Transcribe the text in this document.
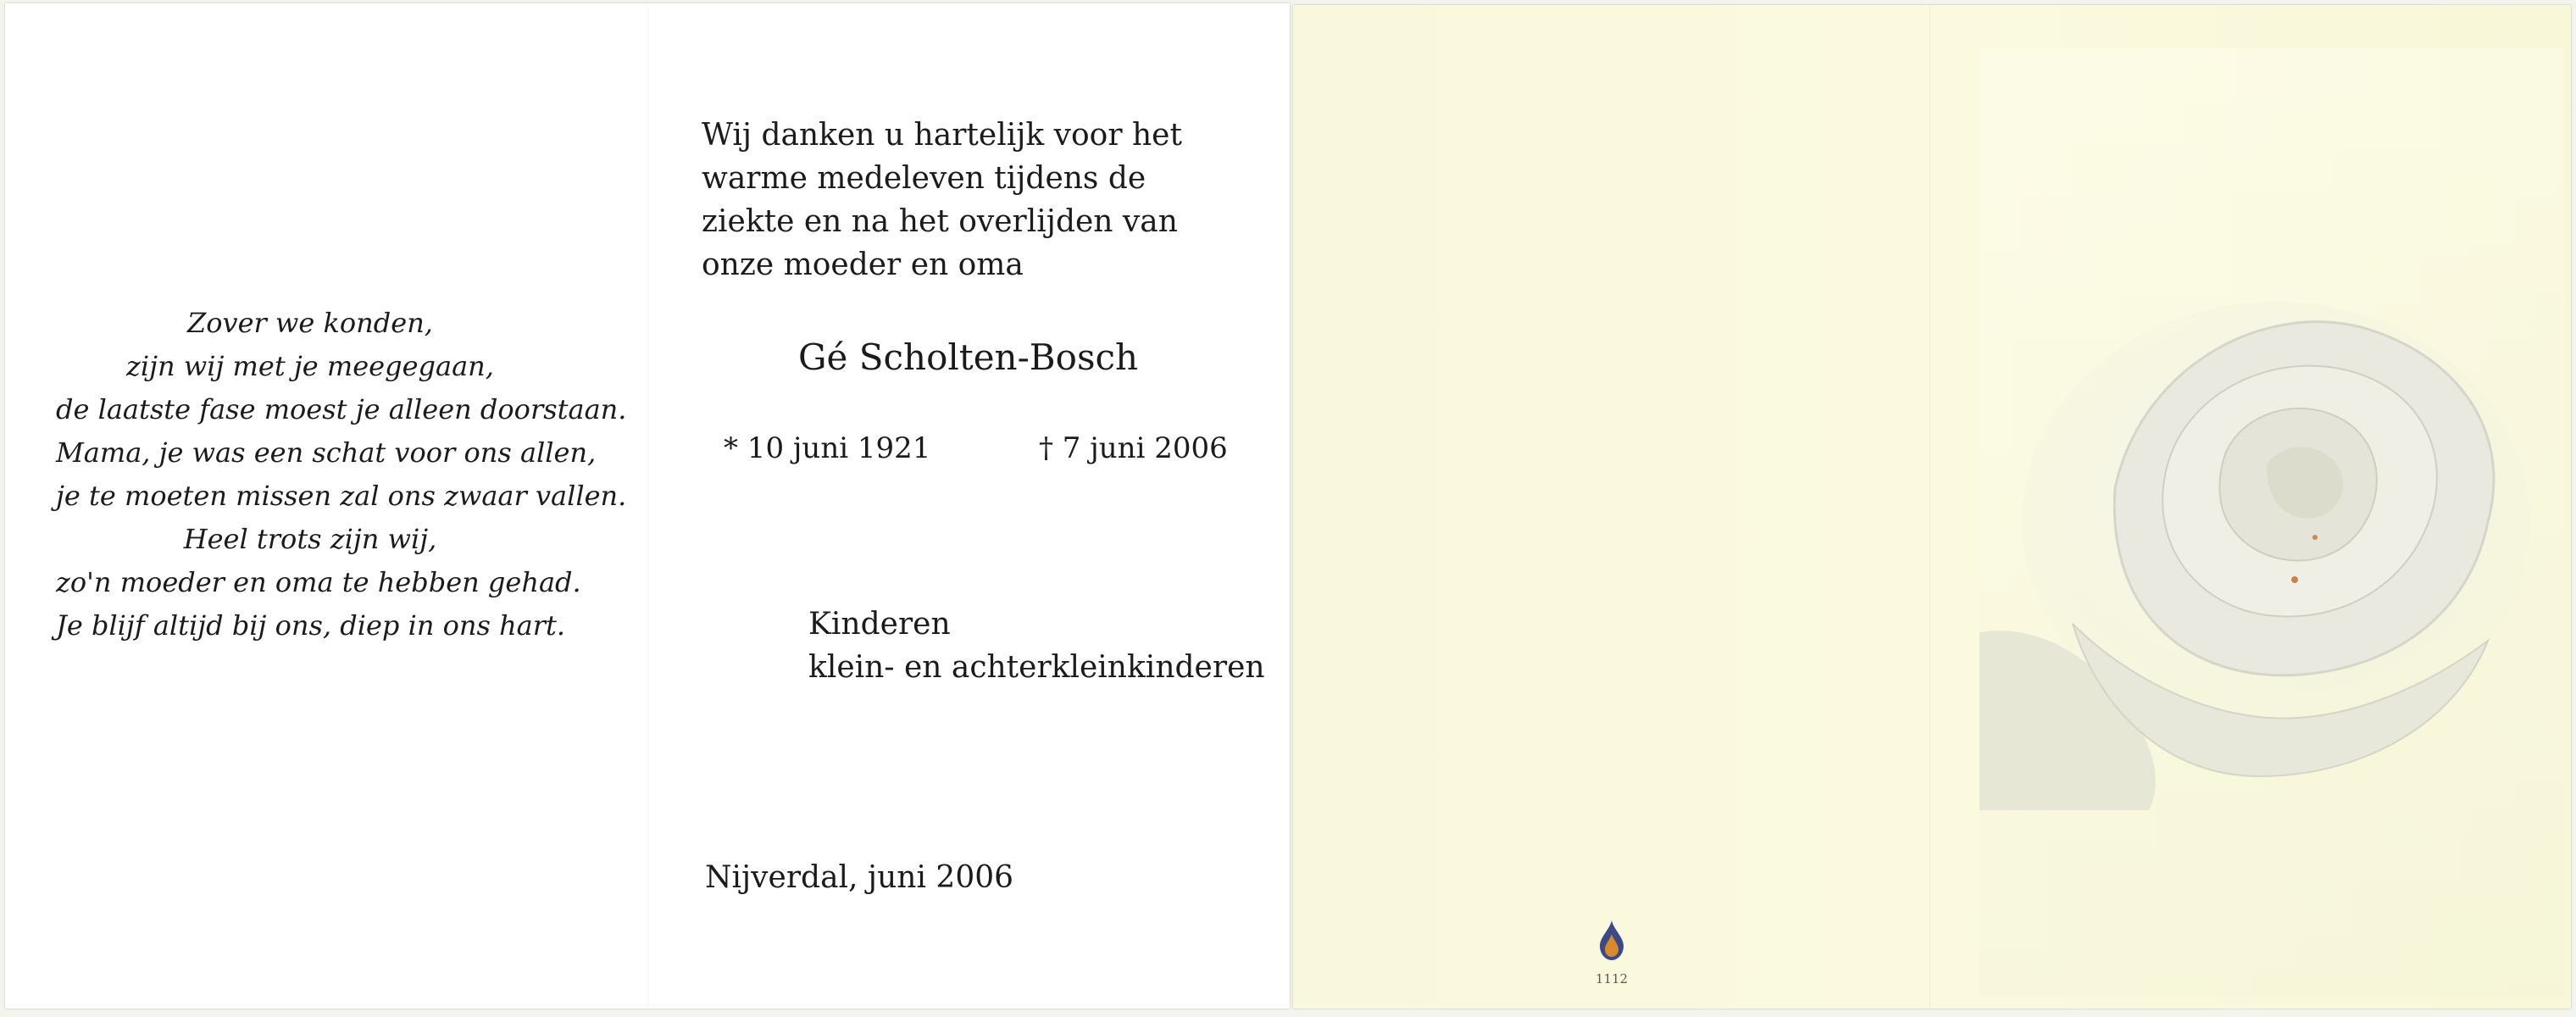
Zover we konden,
zijn wij met je meegegaan,
de laatste fase moest je alleen doorstaan.
Mama, je was een schat voor ons allen,
je te moeten missen zal ons zwaar vallen.
Heel trots zijn wij,
zo'n moeder en oma te hebben gehad.
Je blijf altijd bij ons, diep in ons hart.
Wij danken u hartelijk voor het
warme medeleven tijdens de
ziekte en na het overlijden van
onze moeder en oma
Gé Scholten-Bosch
* 10 juni 1921	† 7 juni 2006
Kinderen
klein- en achterkleinkinderen
Nijverdal, juni 2006
1112
